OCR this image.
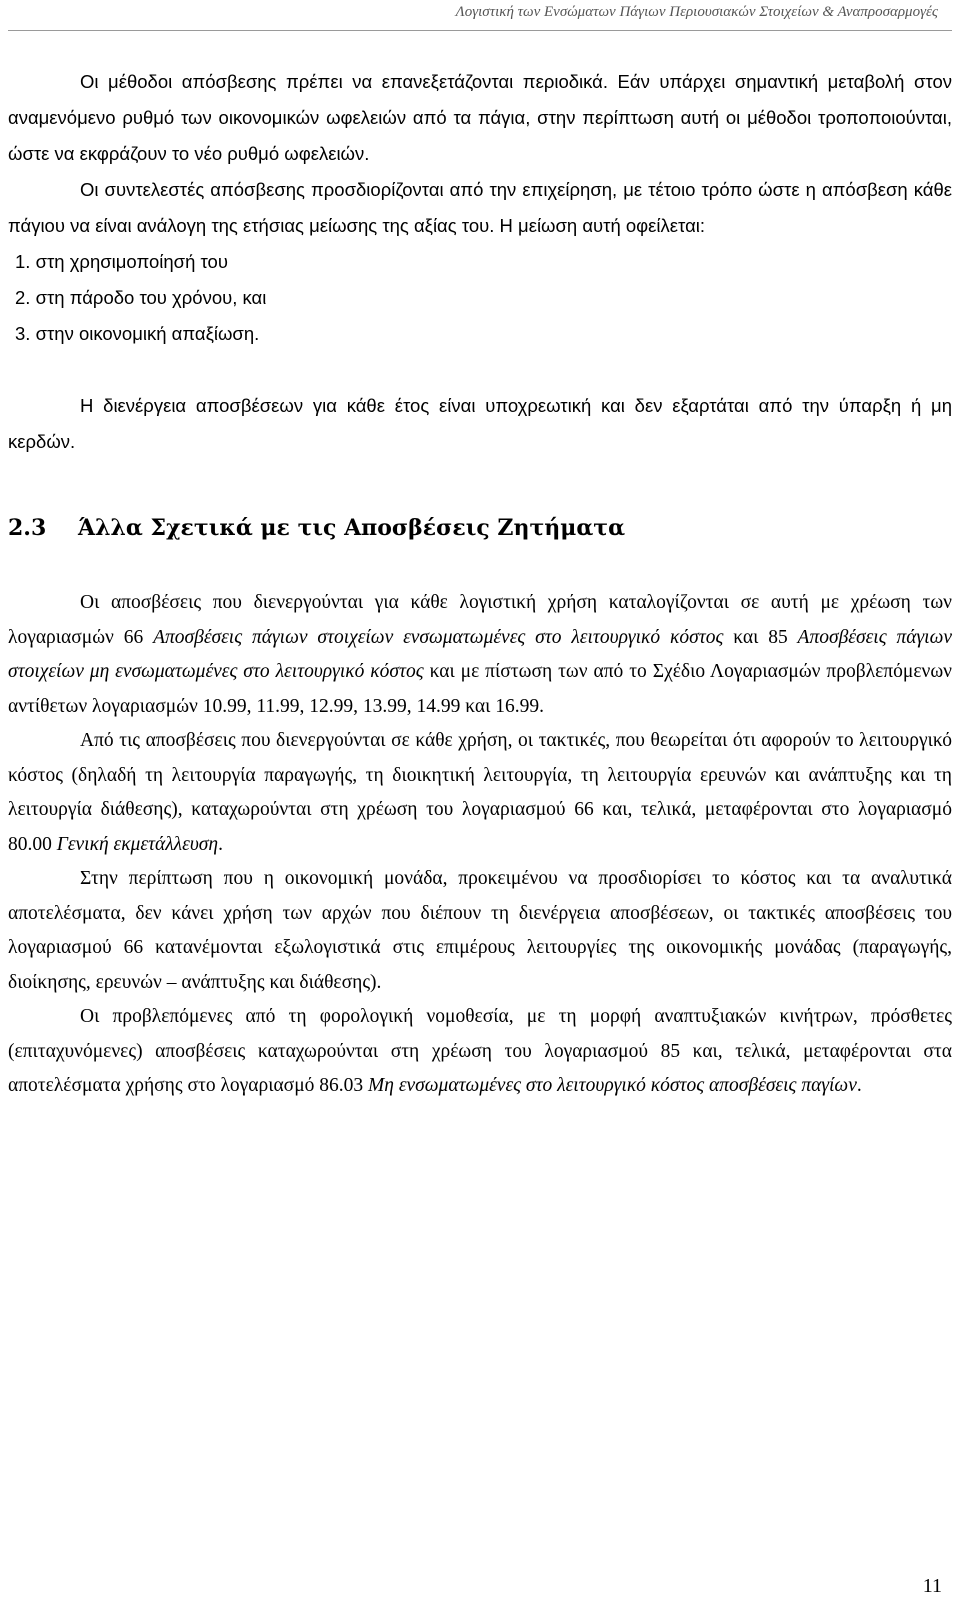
Λογιστική των Ενσώματων Πάγιων Περιουσιακών Στοιχείων & Αναπροσαρμογές

Οι μέθοδοι απόσβεσης πρέπει να επανεξετάζονται περιοδικά. Εάν υπάρχει σημαντική μεταβολή στον αναμενόμενο ρυθμό των οικονομικών ωφελειών από τα πάγια, στην περίπτωση αυτή οι μέθοδοι τροποποιούνται, ώστε να εκφράζουν το νέο ρυθμό ωφελειών.

Οι συντελεστές απόσβεσης προσδιορίζονται από την επιχείρηση, με τέτοιο τρόπο ώστε η απόσβεση κάθε πάγιου να είναι ανάλογη της ετήσιας μείωσης της αξίας του. Η μείωση αυτή οφείλεται:

1. στη χρησιμοποίησή του
2. στη πάροδο του χρόνου, και
3. στην οικονομική απαξίωση.

Η διενέργεια αποσβέσεων για κάθε έτος είναι υποχρεωτική και δεν εξαρτάται από την ύπαρξη ή μη κερδών.

2.3 Άλλα Σχετικά με τις Αποσβέσεις Ζητήματα

Οι αποσβέσεις που διενεργούνται για κάθε λογιστική χρήση καταλογίζονται σε αυτή με χρέωση των λογαριασμών 66 Αποσβέσεις πάγιων στοιχείων ενσωματωμένες στο λειτουργικό κόστος και 85 Αποσβέσεις πάγιων στοιχείων μη ενσωματωμένες στο λειτουργικό κόστος και με πίστωση των από το Σχέδιο Λογαριασμών προβλεπόμενων αντίθετων λογαριασμών 10.99, 11.99, 12.99, 13.99, 14.99 και 16.99.

Από τις αποσβέσεις που διενεργούνται σε κάθε χρήση, οι τακτικές, που θεωρείται ότι αφορούν το λειτουργικό κόστος (δηλαδή τη λειτουργία παραγωγής, τη διοικητική λειτουργία, τη λειτουργία ερευνών και ανάπτυξης και τη λειτουργία διάθεσης), καταχωρούνται στη χρέωση του λογαριασμού 66 και, τελικά, μεταφέρονται στο λογαριασμό 80.00 Γενική εκμετάλλευση.

Στην περίπτωση που η οικονομική μονάδα, προκειμένου να προσδιορίσει το κόστος και τα αναλυτικά αποτελέσματα, δεν κάνει χρήση των αρχών που διέπουν τη διενέργεια αποσβέσεων, οι τακτικές αποσβέσεις του λογαριασμού 66 κατανέμονται εξωλογιστικά στις επιμέρους λειτουργίες της οικονομικής μονάδας (παραγωγής, διοίκησης, ερευνών – ανάπτυξης και διάθεσης).

Οι προβλεπόμενες από τη φορολογική νομοθεσία, με τη μορφή αναπτυξιακών κινήτρων, πρόσθετες (επιταχυνόμενες) αποσβέσεις καταχωρούνται στη χρέωση του λογαριασμού 85 και, τελικά, μεταφέρονται στα αποτελέσματα χρήσης στο λογαριασμό 86.03 Μη ενσωματωμένες στο λειτουργικό κόστος αποσβέσεις παγίων.

11
